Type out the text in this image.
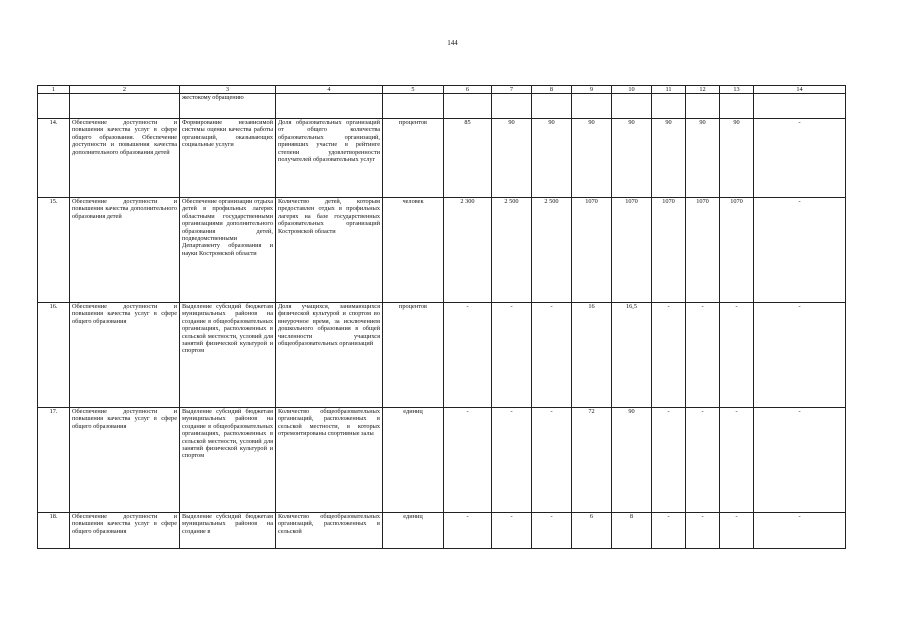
144
1	2	3	4	5	6	7	8	9	10	11	12	13	14
		жестокому обращению											
14.	Обеспечение доступности и повышения качества услуг в сфере общего образования. Обеспечение доступности и повышения качества дополнительного образования детей	Формирование независимой системы оценки качества работы организаций, оказывающих социальные услуги	Доля образовательных организаций от общего количества образовательных организаций, принявших участие в рейтинге степени удовлетворенности получателей образовательных услуг	процентов	85	90	90	90	90	90	90	90	-
15.	Обеспечение доступности и повышения качества дополнительного образования детей	Обеспечение организации отдыха детей в профильных лагерях областными государственными организациями дополнительного образования детей, подведомственными Департаменту образования и науки Костромской области	Количество детей, которым предоставлен отдых в профильных лагерях на базе государственных образовательных организаций Костромской области	человек	2 300	2 500	2 500	1070	1070	1070	1070	1070	-
16.	Обеспечение доступности и повышения качества услуг в сфере общего образования	Выделение субсидий бюджетам муниципальных районов на создание в общеобразовательных организациях, расположенных в сельской местности, условий для занятий физической культурой и спортом	Доля учащихся, занимающихся физической культурой и спортом во внеурочное время, за исключением дошкольного образования в общей численности учащихся общеобразовательных организаций	процентов	-	-	-	16	16,5	-	-	-	-
17.	Обеспечение доступности и повышения качества услуг в сфере общего образования	Выделение субсидий бюджетам муниципальных районов на создание в общеобразовательных организациях, расположенных в сельской местности, условий для занятий физической культурой и спортом	Количество общеобразовательных организаций, расположенных в сельской местности, в которых отремонтированы спортивные залы	единиц	-	-	-	72	90	-	-	-	-
18.	Обеспечение доступности и повышения качества услуг в сфере общего образования	Выделение субсидий бюджетам муниципальных районов на создание в	Количество общеобразовательных организаций, расположенных в сельской	единиц	-	-	-	6	8	-	-	-	-
